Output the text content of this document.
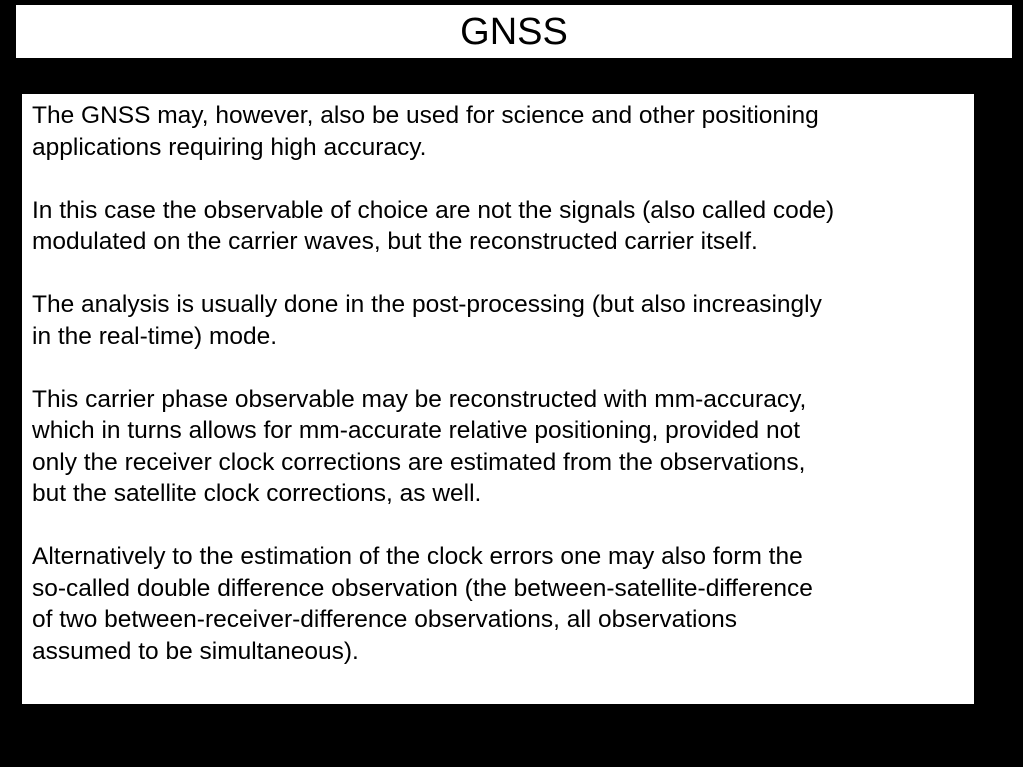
GNSS

The GNSS may, however, also be used for science and other positioning
applications requiring high accuracy.

In this case the observable of choice are not the signals (also called code)
modulated on the carrier waves, but the reconstructed carrier itself.

The analysis is usually done in the post-processing (but also increasingly
in the real-time) mode.

This carrier phase observable may be reconstructed with mm-accuracy,
which in turns allows for mm-accurate relative positioning, provided not
only the receiver clock corrections are estimated from the observations,
but the satellite clock corrections, as well.

Alternatively to the estimation of the clock errors one may also form the
so-called double difference observation (the between-satellite-difference
of two between-receiver-difference observations, all observations
assumed to be simultaneous).
